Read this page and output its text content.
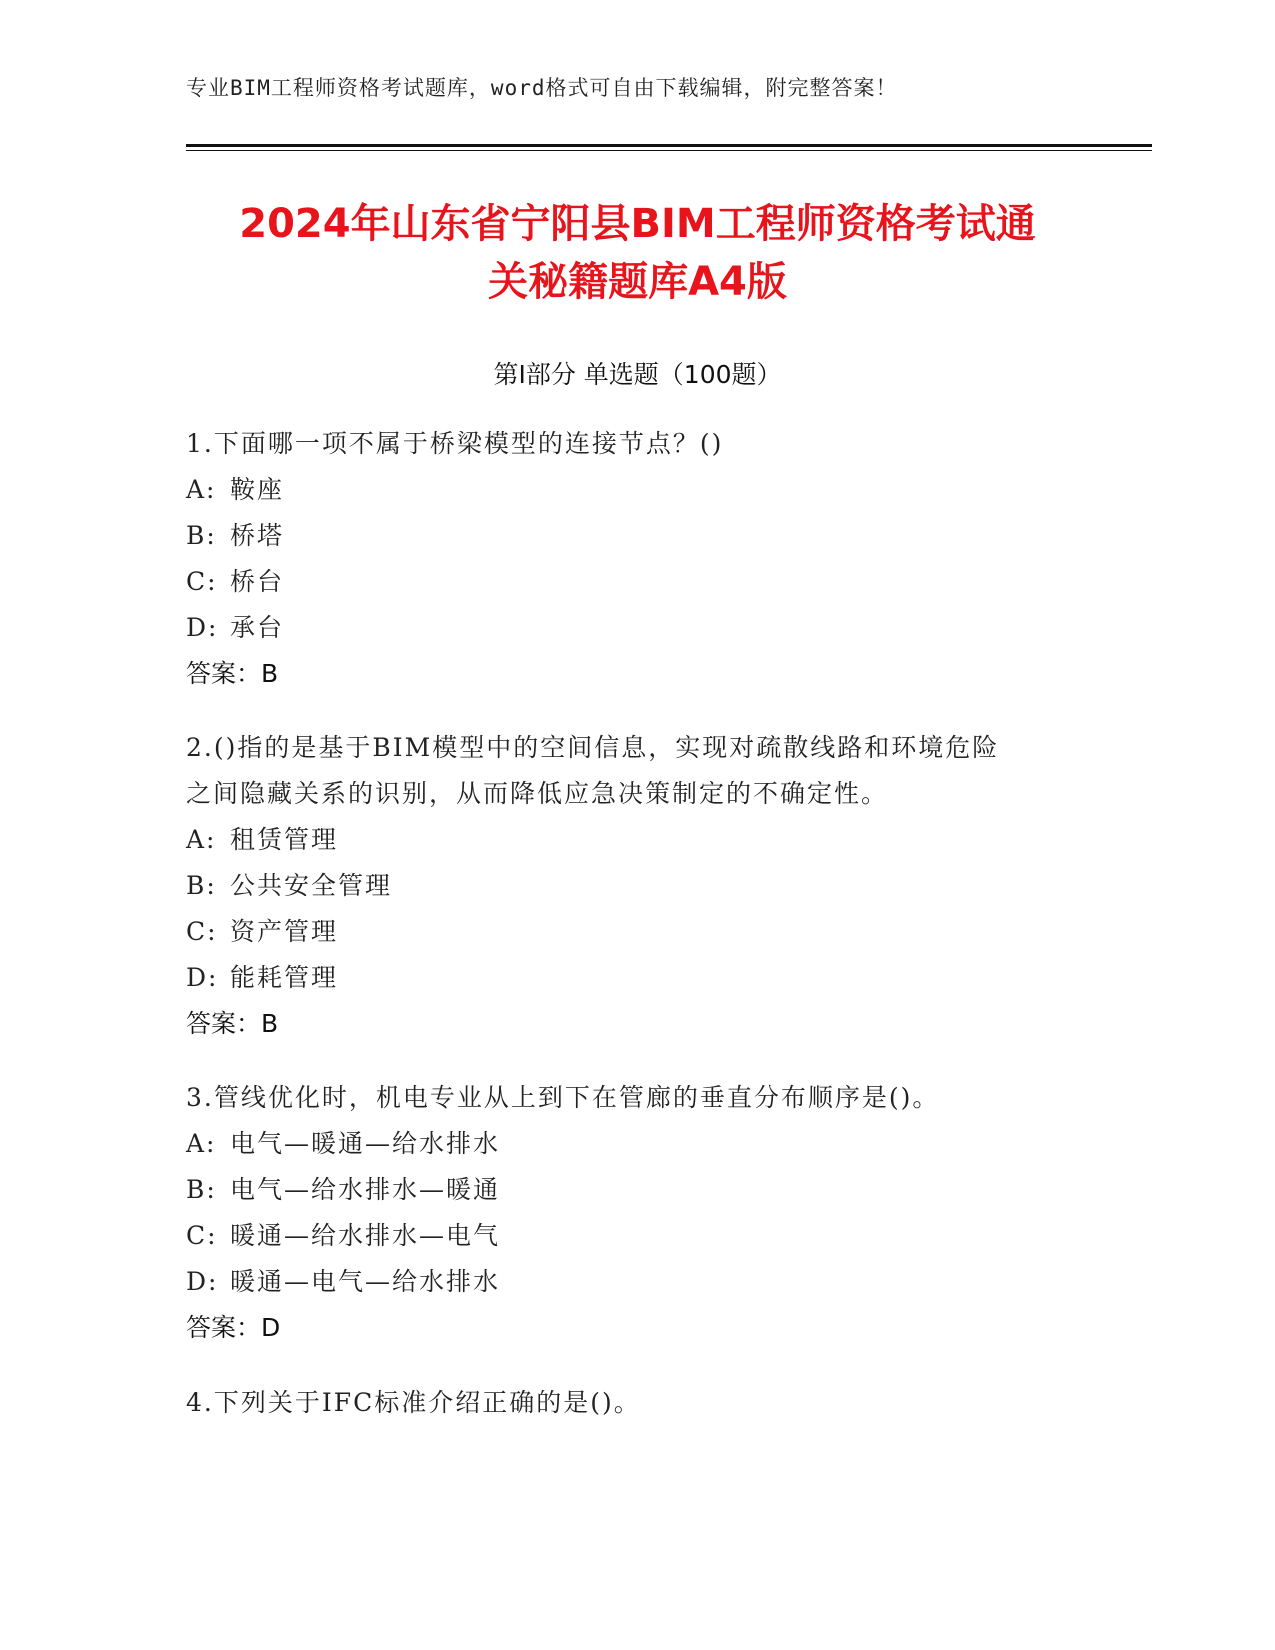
专业BIM工程师资格考试题库，word格式可自由下载编辑，附完整答案！
2024年山东省宁阳县BIM工程师资格考试通
关秘籍题库A4版
第Ⅰ部分 单选题（100题）
1.下面哪一项不属于桥梁模型的连接节点？()
A: 鞍座
B: 桥塔
C: 桥台
D: 承台
答案：B
2.()指的是基于BIM模型中的空间信息，实现对疏散线路和环境危险
之间隐藏关系的识别，从而降低应急决策制定的不确定性。
A: 租赁管理
B: 公共安全管理
C: 资产管理
D: 能耗管理
答案：B
3.管线优化时，机电专业从上到下在管廊的垂直分布顺序是()。
A: 电气—暖通—给水排水
B: 电气—给水排水—暖通
C: 暖通—给水排水—电气
D: 暖通—电气—给水排水
答案：D
4.下列关于IFC标准介绍正确的是()。
